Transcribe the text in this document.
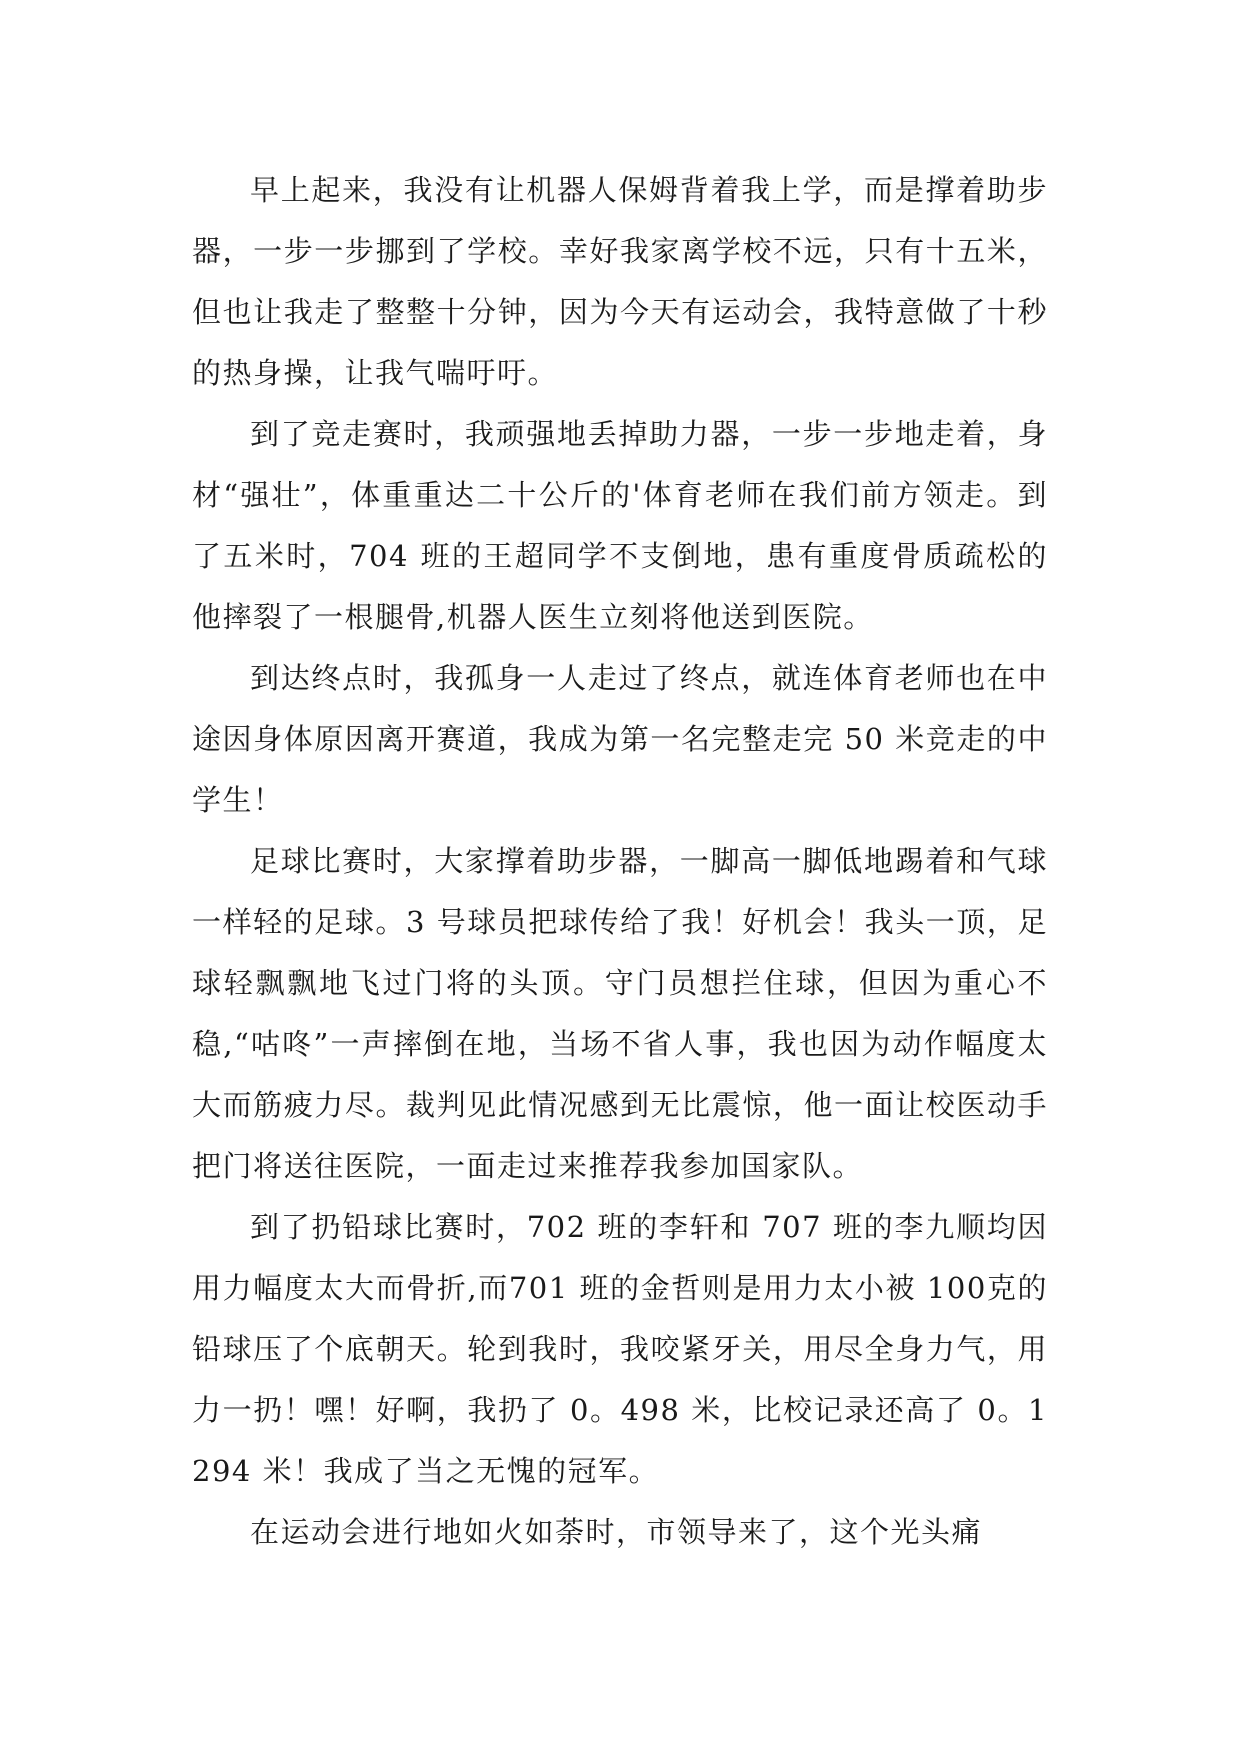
早上起来，我没有让机器人保姆背着我上学，而是撑着助步器，一步一步挪到了学校。幸好我家离学校不远，只有十五米，但也让我走了整整十分钟，因为今天有运动会，我特意做了十秒的热身操，让我气喘吁吁。

到了竞走赛时，我顽强地丢掉助力器，一步一步地走着，身材“强壮”，体重重达二十公斤的'体育老师在我们前方领走。到了五米时，704 班的王超同学不支倒地，患有重度骨质疏松的他摔裂了一根腿骨,机器人医生立刻将他送到医院。

到达终点时，我孤身一人走过了终点，就连体育老师也在中途因身体原因离开赛道，我成为第一名完整走完 50 米竞走的中学生！

足球比赛时，大家撑着助步器，一脚高一脚低地踢着和气球一样轻的足球。3 号球员把球传给了我！好机会！我头一顶，足球轻飘飘地飞过门将的头顶。守门员想拦住球，但因为重心不稳,“咕咚”一声摔倒在地，当场不省人事，我也因为动作幅度太大而筋疲力尽。裁判见此情况感到无比震惊，他一面让校医动手把门将送往医院，一面走过来推荐我参加国家队。

到了扔铅球比赛时，702 班的李轩和 707 班的李九顺均因用力幅度太大而骨折,而701 班的金哲则是用力太小被 100克的铅球压了个底朝天。轮到我时，我咬紧牙关，用尽全身力气，用力一扔！嘿！好啊，我扔了 0。498 米，比校记录还高了 0。1294 米！我成了当之无愧的冠军。

在运动会进行地如火如荼时，市领导来了，这个光头痛
